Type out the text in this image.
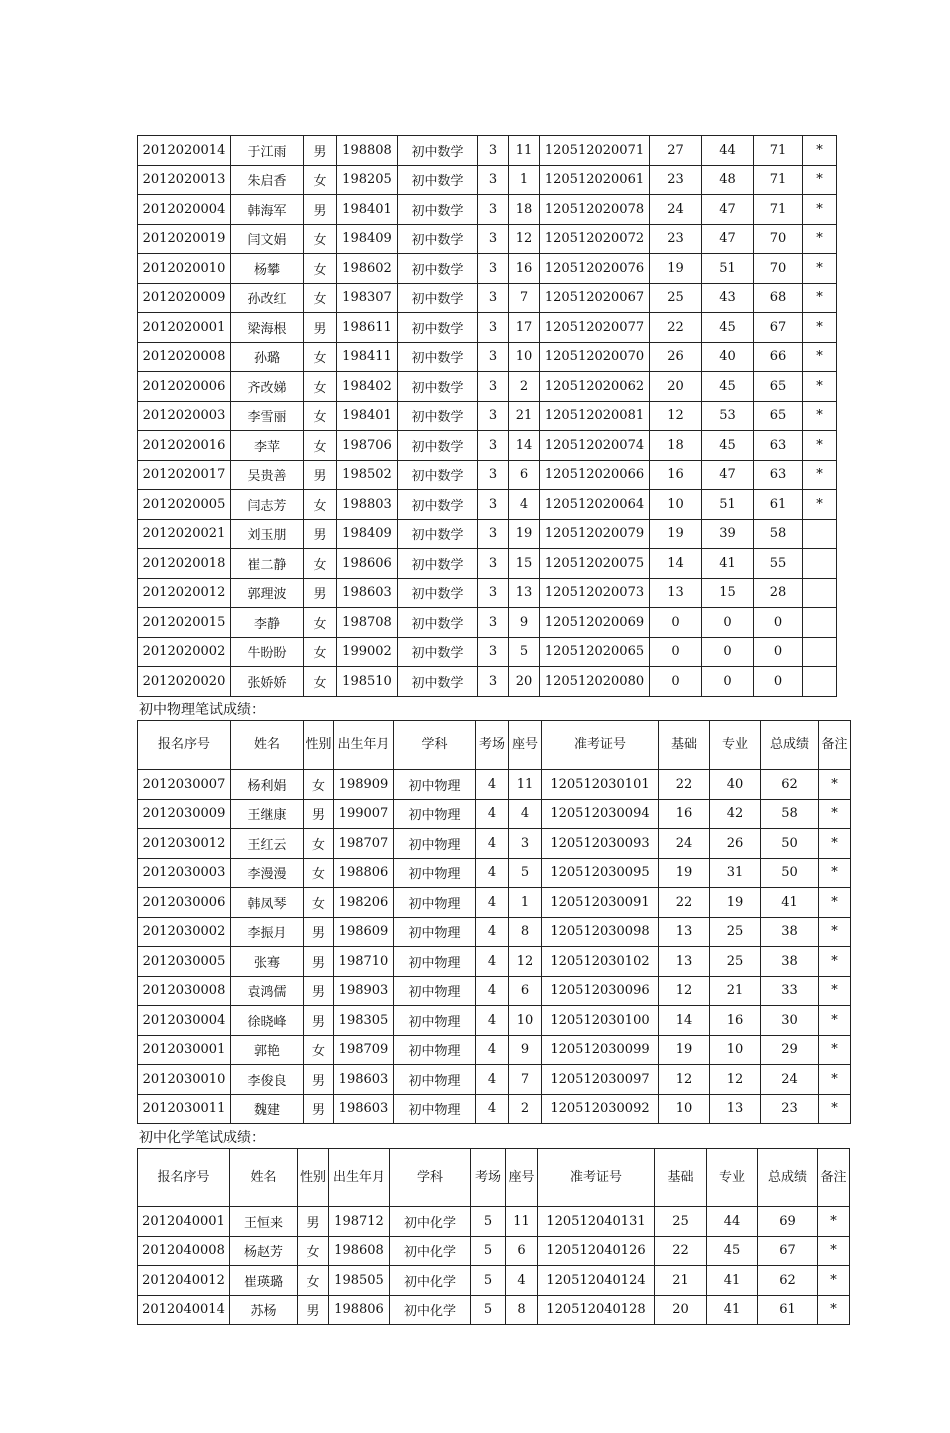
2012020014	于江雨	男	198808	初中数学	3	11	120512020071	27	44	71	*
2012020013	朱启香	女	198205	初中数学	3	1	120512020061	23	48	71	*
2012020004	韩海军	男	198401	初中数学	3	18	120512020078	24	47	71	*
2012020019	闫文娟	女	198409	初中数学	3	12	120512020072	23	47	70	*
2012020010	杨攀	女	198602	初中数学	3	16	120512020076	19	51	70	*
2012020009	孙改红	女	198307	初中数学	3	7	120512020067	25	43	68	*
2012020001	梁海根	男	198611	初中数学	3	17	120512020077	22	45	67	*
2012020008	孙璐	女	198411	初中数学	3	10	120512020070	26	40	66	*
2012020006	齐改娣	女	198402	初中数学	3	2	120512020062	20	45	65	*
2012020003	李雪丽	女	198401	初中数学	3	21	120512020081	12	53	65	*
2012020016	李苹	女	198706	初中数学	3	14	120512020074	18	45	63	*
2012020017	吴贵善	男	198502	初中数学	3	6	120512020066	16	47	63	*
2012020005	闫志芳	女	198803	初中数学	3	4	120512020064	10	51	61	*
2012020021	刘玉朋	男	198409	初中数学	3	19	120512020079	19	39	58	
2012020018	崔二静	女	198606	初中数学	3	15	120512020075	14	41	55	
2012020012	郭理波	男	198603	初中数学	3	13	120512020073	13	15	28	
2012020015	李静	女	198708	初中数学	3	9	120512020069	0	0	0	
2012020002	牛盼盼	女	199002	初中数学	3	5	120512020065	0	0	0	
2012020020	张娇娇	女	198510	初中数学	3	20	120512020080	0	0	0	
初中物理笔试成绩：
报名序号	姓名	性别	出生年月	学科	考场	座号	准考证号	基础	专业	总成绩	备注
2012030007	杨利娟	女	198909	初中物理	4	11	120512030101	22	40	62	*
2012030009	王继康	男	199007	初中物理	4	4	120512030094	16	42	58	*
2012030012	王红云	女	198707	初中物理	4	3	120512030093	24	26	50	*
2012030003	李漫漫	女	198806	初中物理	4	5	120512030095	19	31	50	*
2012030006	韩凤琴	女	198206	初中物理	4	1	120512030091	22	19	41	*
2012030002	李振月	男	198609	初中物理	4	8	120512030098	13	25	38	*
2012030005	张骞	男	198710	初中物理	4	12	120512030102	13	25	38	*
2012030008	袁鸿儒	男	198903	初中物理	4	6	120512030096	12	21	33	*
2012030004	徐晓峰	男	198305	初中物理	4	10	120512030100	14	16	30	*
2012030001	郭艳	女	198709	初中物理	4	9	120512030099	19	10	29	*
2012030010	李俊良	男	198603	初中物理	4	7	120512030097	12	12	24	*
2012030011	魏建	男	198603	初中物理	4	2	120512030092	10	13	23	*
初中化学笔试成绩：
报名序号	姓名	性别	出生年月	学科	考场	座号	准考证号	基础	专业	总成绩	备注
2012040001	王恒来	男	198712	初中化学	5	11	120512040131	25	44	69	*
2012040008	杨赵芳	女	198608	初中化学	5	6	120512040126	22	45	67	*
2012040012	崔瑛璐	女	198505	初中化学	5	4	120512040124	21	41	62	*
2012040014	苏杨	男	198806	初中化学	5	8	120512040128	20	41	61	*
